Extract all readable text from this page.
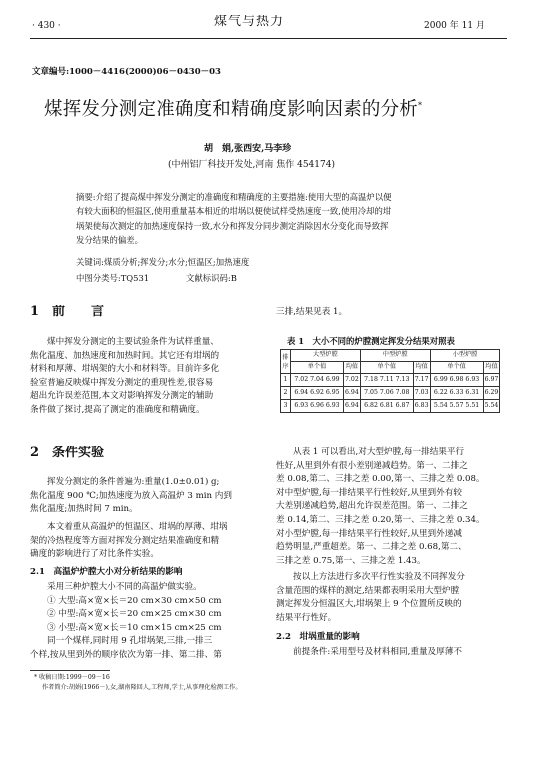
· 430 ·	煤气与热力	2000 年 11 月
文章编号:1000－4416(2000)06－0430－03
煤挥发分测定准确度和精确度影响因素的分析*
胡　娟,张西安,马李珍
(中州铝厂科技开发处,河南 焦作 454174)
摘要:介绍了提高煤中挥发分测定的准确度和精确度的主要措施:使用大型的高温炉以便
有较大面积的恒温区,使用重量基本相近的坩埚以便使试样受热速度一致,使用冷却的坩
埚架使每次测定的加热速度保持一致,水分和挥发分同步测定消除因水分变化而导致挥
发分结果的偏差。
关键词:煤质分析;挥发分;水分;恒温区;加热速度
中图分类号:TQ531	文献标识码:B
1　前　　言
煤中挥发分测定的主要试验条件为试样重量、
焦化温度、加热速度和加热时间。其它还有坩埚的
材料和厚薄、坩埚架的大小和材料等。目前许多化
验室普遍反映煤中挥发分测定的重现性差,很容易
超出允许误差范围,本文对影响挥发分测定的辅助
条件做了探讨,提高了测定的准确度和精确度。
2　条件实验
挥发分测定的条件普遍为:重量(1.0±0.01) g;
焦化温度 900 ℃;加热速度为放入高温炉 3 min 内到
焦化温度;加热时间 7 min。
本文着重从高温炉的恒温区、坩埚的厚薄、坩埚
架的冷热程度等方面对挥发分测定结果准确度和精
确度的影响进行了对比条件实验。
2.1　高温炉炉膛大小对分析结果的影响
采用三种炉膛大小不同的高温炉做实验。
① 大型:高×宽×长＝20 cm×30 cm×50 cm
② 中型:高×宽×长＝20 cm×25 cm×30 cm
③ 小型:高×宽×长＝10 cm×15 cm×25 cm
同一个煤样,同时用 9 孔坩埚架,三排,一排三
个样,按从里到外的顺序依次为第一排、第二排、第
* 收稿日期:1999－09－16
作者简介:胡娟(1966－),女,湖南隆回人,工程师,学士,从事理化检测工作。
三排,结果见表 1。
表 1　大小不同的炉膛测定挥发分结果对照表
排
序	大型炉膛		中型炉膛		小型炉膛	
	单个值	均值	单个值	均值	单个值	均值
1	7.02 7.04 6.99	7.02	7.18 7.11 7.13	7.17	6.99 6.98 6.93	6.97
2	6.94 6.92 6.95	6.94	7.05 7.06 7.08	7.03	6.22 6.33 6.31	6.29
3	6.93 6.96 6.93	6.94	6.82 6.81 6.87	6.83	5.54 5.57 5.51	5.54
从表 1 可以看出,对大型炉膛,每一排结果平行
性好,从里到外有很小差别递减趋势。第一、二排之
差 0.08,第二、三排之差 0.00,第一、三排之差 0.08。
对中型炉膛,每一排结果平行性较好,从里到外有较
大差别递减趋势,超出允许误差范围。第一、二排之
差 0.14,第二、三排之差 0.20,第一、三排之差 0.34。
对小型炉膛,每一排结果平行性较好,从里到外递减
趋势明显,严重超差。第一、二排之差 0.68,第二、
三排之差 0.75,第一、三排之差 1.43。
按以上方法进行多次平行性实验及不同挥发分
含量范围的煤样的测定,结果都表明采用大型炉膛
测定挥发分恒温区大,坩埚架上 9 个位置所反映的
结果平行性好。
2.2　坩埚重量的影响
前提条件:采用型号及材料相同,重量及厚薄不
